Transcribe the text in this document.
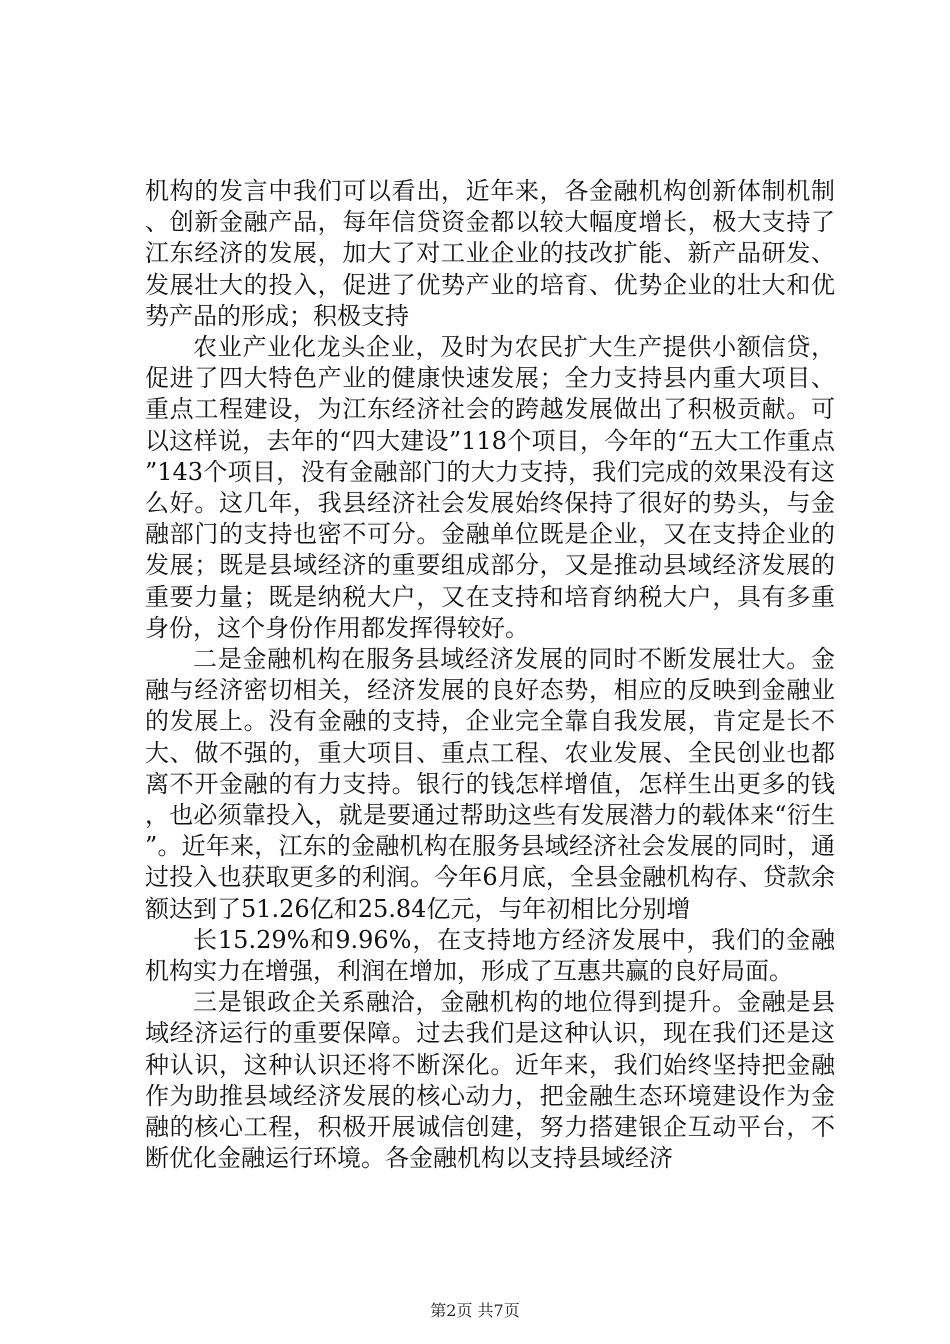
机构的发言中我们可以看出，近年来，各金融机构创新体制机制、创新金融产品，每年信贷资金都以较大幅度增长，极大支持了江东经济的发展，加大了对工业企业的技改扩能、新产品研发、发展壮大的投入，促进了优势产业的培育、优势企业的壮大和优势产品的形成；积极支持

农业产业化龙头企业，及时为农民扩大生产提供小额信贷，促进了四大特色产业的健康快速发展；全力支持县内重大项目、重点工程建设，为江东经济社会的跨越发展做出了积极贡献。可以这样说，去年的“四大建设”118个项目，今年的“五大工作重点”143个项目，没有金融部门的大力支持，我们完成的效果没有这么好。这几年，我县经济社会发展始终保持了很好的势头，与金融部门的支持也密不可分。金融单位既是企业，又在支持企业的发展；既是县域经济的重要组成部分，又是推动县域经济发展的重要力量；既是纳税大户，又在支持和培育纳税大户，具有多重身份，这个身份作用都发挥得较好。

二是金融机构在服务县域经济发展的同时不断发展壮大。金融与经济密切相关，经济发展的良好态势，相应的反映到金融业的发展上。没有金融的支持，企业完全靠自我发展，肯定是长不大、做不强的，重大项目、重点工程、农业发展、全民创业也都离不开金融的有力支持。银行的钱怎样增值，怎样生出更多的钱，也必须靠投入，就是要通过帮助这些有发展潜力的载体来“衍生”。近年来，江东的金融机构在服务县域经济社会发展的同时，通过投入也获取更多的利润。今年6月底，全县金融机构存、贷款余额达到了51.26亿和25.84亿元，与年初相比分别增

长15.29%和9.96%，在支持地方经济发展中，我们的金融机构实力在增强，利润在增加，形成了互惠共赢的良好局面。

三是银政企关系融洽，金融机构的地位得到提升。金融是县域经济运行的重要保障。过去我们是这种认识，现在我们还是这种认识，这种认识还将不断深化。近年来，我们始终坚持把金融作为助推县域经济发展的核心动力，把金融生态环境建设作为金融的核心工程，积极开展诚信创建，努力搭建银企互动平台，不断优化金融运行环境。各金融机构以支持县域经济

第2页 共7页
